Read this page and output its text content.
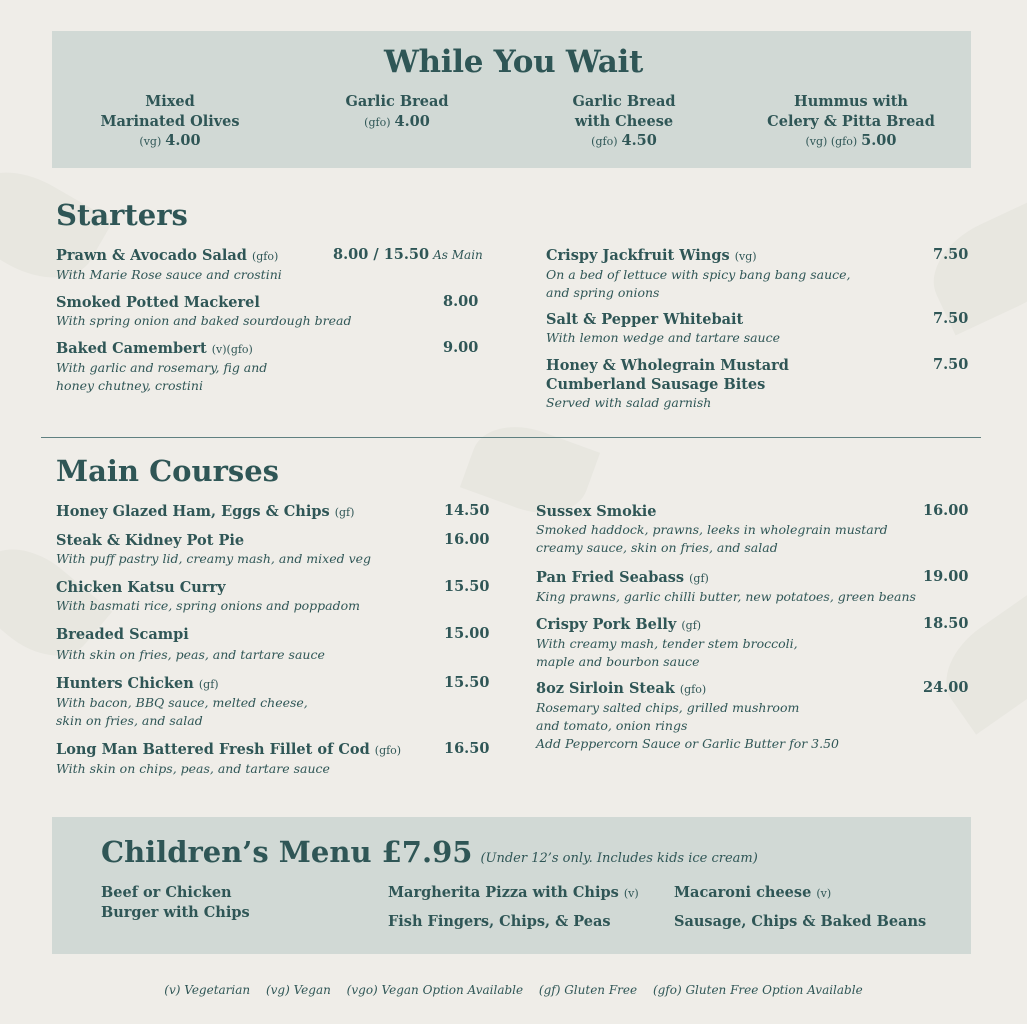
While You Wait
Mixed
Marinated Olives
(vg) 4.00
Garlic Bread
(gfo) 4.00
Garlic Bread
with Cheese
(gfo) 4.50
Hummus with
Celery & Pitta Bread
(vg) (gfo) 5.00
Starters
Prawn & Avocado Salad (gfo)
With Marie Rose sauce and crostini
8.00 / 15.50 As Main
Smoked Potted Mackerel
With spring onion and baked sourdough bread
8.00
Baked Camembert (v)(gfo)
With garlic and rosemary, fig and
honey chutney, crostini
9.00
Crispy Jackfruit Wings (vg)
On a bed of lettuce with spicy bang bang sauce,
and spring onions
7.50
Salt & Pepper Whitebait
With lemon wedge and tartare sauce
7.50
Honey & Wholegrain Mustard
Cumberland Sausage Bites
Served with salad garnish
7.50
Main Courses
Honey Glazed Ham, Eggs & Chips (gf)	14.50
Steak & Kidney Pot Pie
With puff pastry lid, creamy mash, and mixed veg
16.00
Chicken Katsu Curry
With basmati rice, spring onions and poppadom
15.50
Breaded Scampi
With skin on fries, peas, and tartare sauce
15.00
Hunters Chicken (gf)
With bacon, BBQ sauce, melted cheese,
skin on fries, and salad
15.50
Long Man Battered Fresh Fillet of Cod (gfo)
With skin on chips, peas, and tartare sauce
16.50
Sussex Smokie
Smoked haddock, prawns, leeks in wholegrain mustard
creamy sauce, skin on fries, and salad
16.00
Pan Fried Seabass (gf)
King prawns, garlic chilli butter, new potatoes, green beans
19.00
Crispy Pork Belly (gf)
With creamy mash, tender stem broccoli,
maple and bourbon sauce
18.50
8oz Sirloin Steak (gfo)
Rosemary salted chips, grilled mushroom
and tomato, onion rings
Add Peppercorn Sauce or Garlic Butter for 3.50
24.00
Children’s Menu £7.95 (Under 12’s only. Includes kids ice cream)
Beef or Chicken
Burger with Chips
Margherita Pizza with Chips (v)
Fish Fingers, Chips, & Peas
Macaroni cheese (v)
Sausage, Chips & Baked Beans
(v) Vegetarian (vg) Vegan (vgo) Vegan Option Available (gf) Gluten Free (gfo) Gluten Free Option Available
